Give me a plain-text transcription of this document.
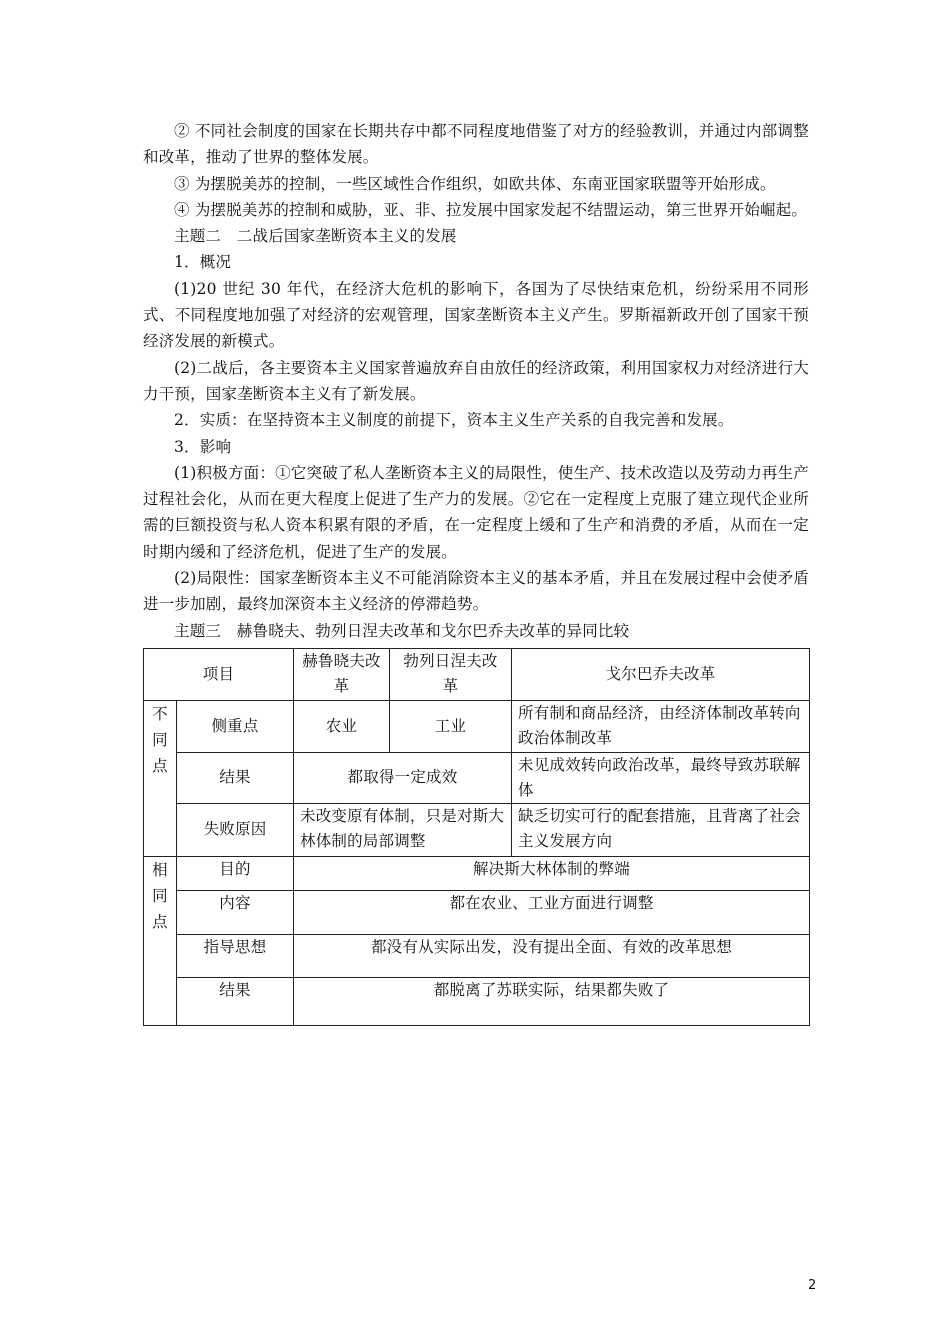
② 不同社会制度的国家在长期共存中都不同程度地借鉴了对方的经验教训，并通过内部调整和改革，推动了世界的整体发展。

③ 为摆脱美苏的控制，一些区域性合作组织，如欧共体、东南亚国家联盟等开始形成。

④ 为摆脱美苏的控制和威胁，亚、非、拉发展中国家发起不结盟运动，第三世界开始崛起。

主题二　二战后国家垄断资本主义的发展

1．概况

(1)20 世纪 30 年代，在经济大危机的影响下，各国为了尽快结束危机，纷纷采用不同形式、不同程度地加强了对经济的宏观管理，国家垄断资本主义产生。罗斯福新政开创了国家干预经济发展的新模式。

(2)二战后，各主要资本主义国家普遍放弃自由放任的经济政策，利用国家权力对经济进行大力干预，国家垄断资本主义有了新发展。

2．实质：在坚持资本主义制度的前提下，资本主义生产关系的自我完善和发展。

3．影响

(1)积极方面：①它突破了私人垄断资本主义的局限性，使生产、技术改造以及劳动力再生产过程社会化，从而在更大程度上促进了生产力的发展。②它在一定程度上克服了建立现代企业所需的巨额投资与私人资本积累有限的矛盾，在一定程度上缓和了生产和消费的矛盾，从而在一定时期内缓和了经济危机，促进了生产的发展。

(2)局限性：国家垄断资本主义不可能消除资本主义的基本矛盾，并且在发展过程中会使矛盾进一步加剧，最终加深资本主义经济的停滞趋势。

主题三　赫鲁晓夫、勃列日涅夫改革和戈尔巴乔夫改革的异同比较

项目		赫鲁晓夫改革	勃列日涅夫改革	戈尔巴乔夫改革

不
同
点	侧重点	农业	工业	所有制和商品经济，由经济体制改革转向政治体制改革
	结果	都取得一定成效		未见成效转向政治改革，最终导致苏联解体
	失败原因	未改变原有体制，只是对斯大林体制的局部调整		缺乏切实可行的配套措施，且背离了社会主义发展方向

相
同
点	目的	解决斯大林体制的弊端		
	内容	都在农业、工业方面进行调整		
	指导思想	都没有从实际出发，没有提出全面、有效的改革思想		
	结果	都脱离了苏联实际，结果都失败了		
2
